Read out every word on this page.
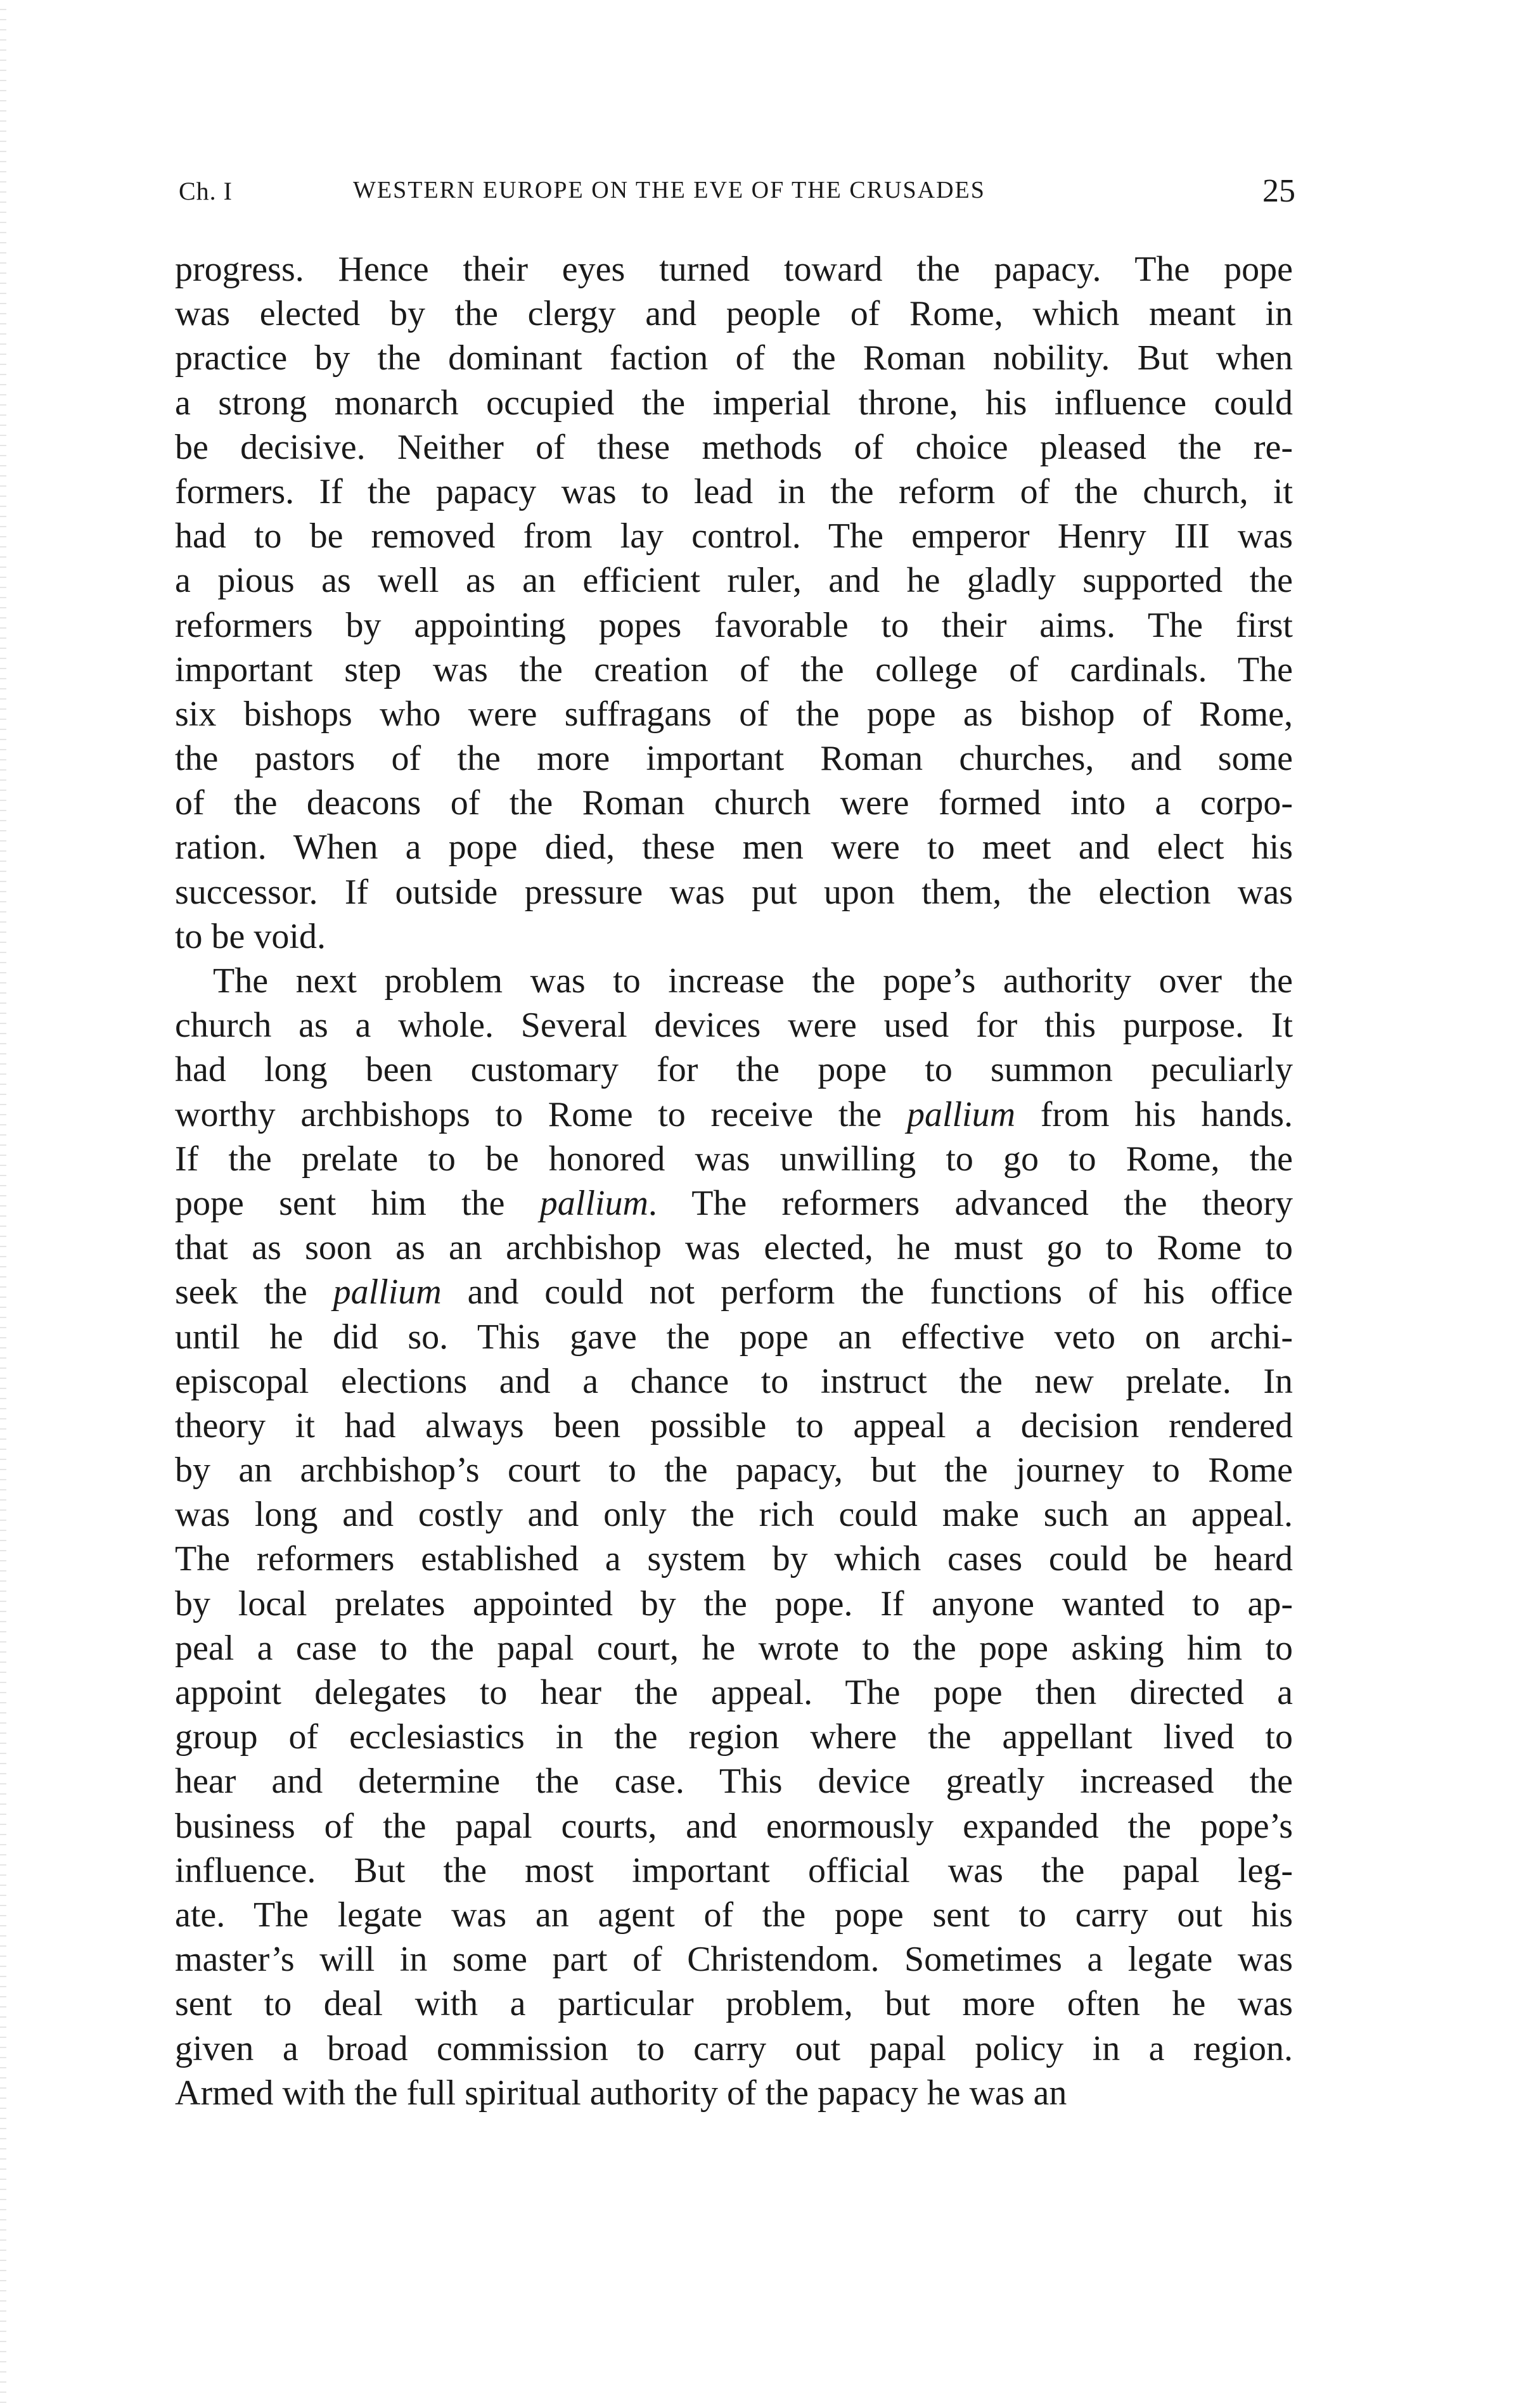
Ch. I	WESTERN EUROPE ON THE EVE OF THE CRUSADES	25
progress. Hence their eyes turned toward the papacy. The pope
was elected by the clergy and people of Rome, which meant in
practice by the dominant faction of the Roman nobility. But when
a strong monarch occupied the imperial throne, his influence could
be decisive. Neither of these methods of choice pleased the re-
formers. If the papacy was to lead in the reform of the church, it
had to be removed from lay control. The emperor Henry III was
a pious as well as an efficient ruler, and he gladly supported the
reformers by appointing popes favorable to their aims. The first
important step was the creation of the college of cardinals. The
six bishops who were suffragans of the pope as bishop of Rome,
the pastors of the more important Roman churches, and some
of the deacons of the Roman church were formed into a corpo-
ration. When a pope died, these men were to meet and elect his
successor. If outside pressure was put upon them, the election was
to be void.
The next problem was to increase the pope’s authority over the
church as a whole. Several devices were used for this purpose. It
had long been customary for the pope to summon peculiarly
worthy archbishops to Rome to receive the pallium from his hands.
If the prelate to be honored was unwilling to go to Rome, the
pope sent him the pallium. The reformers advanced the theory
that as soon as an archbishop was elected, he must go to Rome to
seek the pallium and could not perform the functions of his office
until he did so. This gave the pope an effective veto on archi-
episcopal elections and a chance to instruct the new prelate. In
theory it had always been possible to appeal a decision rendered
by an archbishop’s court to the papacy, but the journey to Rome
was long and costly and only the rich could make such an appeal.
The reformers established a system by which cases could be heard
by local prelates appointed by the pope. If anyone wanted to ap-
peal a case to the papal court, he wrote to the pope asking him to
appoint delegates to hear the appeal. The pope then directed a
group of ecclesiastics in the region where the appellant lived to
hear and determine the case. This device greatly increased the
business of the papal courts, and enormously expanded the pope’s
influence. But the most important official was the papal leg-
ate. The legate was an agent of the pope sent to carry out his
master’s will in some part of Christendom. Sometimes a legate was
sent to deal with a particular problem, but more often he was
given a broad commission to carry out papal policy in a region.
Armed with the full spiritual authority of the papacy he was an
